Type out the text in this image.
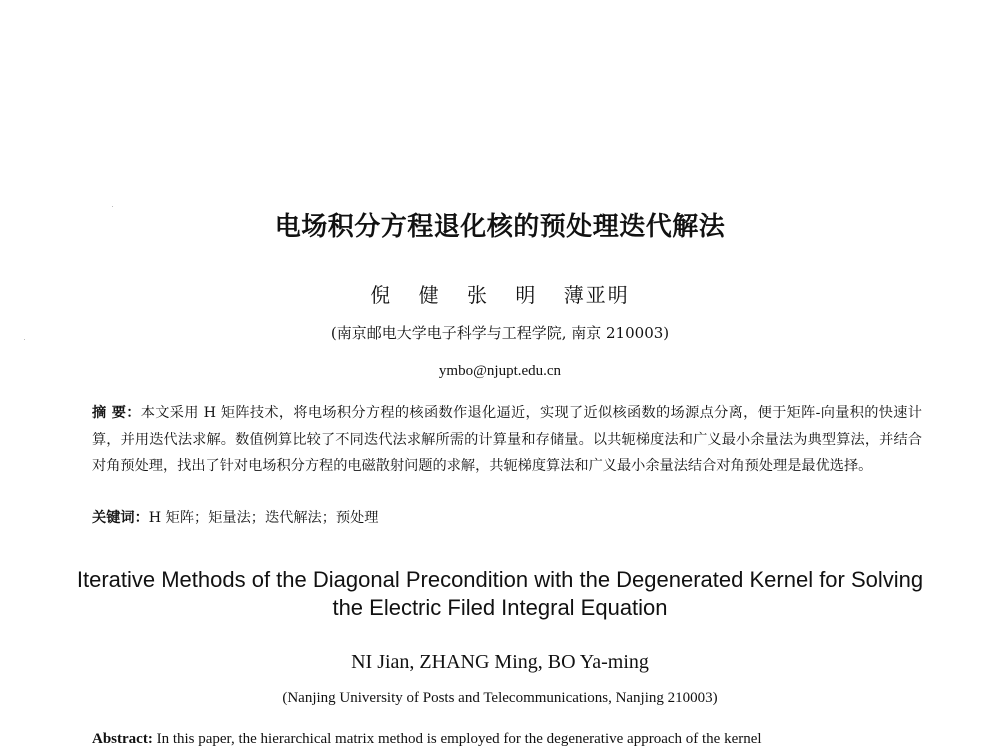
电场积分方程退化核的预处理迭代解法
倪 健 张 明 薄亚明
(南京邮电大学电子科学与工程学院, 南京 210003)
ymbo@njupt.edu.cn
摘 要：本文采用 H 矩阵技术，将电场积分方程的核函数作退化逼近，实现了近似核函数的场源点分离，便于矩阵-向量积的快速计算，并用迭代法求解。数值例算比较了不同迭代法求解所需的计算量和存储量。以共轭梯度法和广义最小余量法为典型算法，并结合对角预处理，找出了针对电场积分方程的电磁散射问题的求解，共轭梯度算法和广义最小余量法结合对角预处理是最优选择。
关键词：H 矩阵；矩量法；迭代解法；预处理
Iterative Methods of the Diagonal Precondition with the Degenerated Kernel for Solving the Electric Filed Integral Equation
NI Jian, ZHANG Ming, BO Ya-ming
(Nanjing University of Posts and Telecommunications, Nanjing 210003)
Abstract: In this paper, the hierarchical matrix method is employed for the degenerative approach of the kernel
